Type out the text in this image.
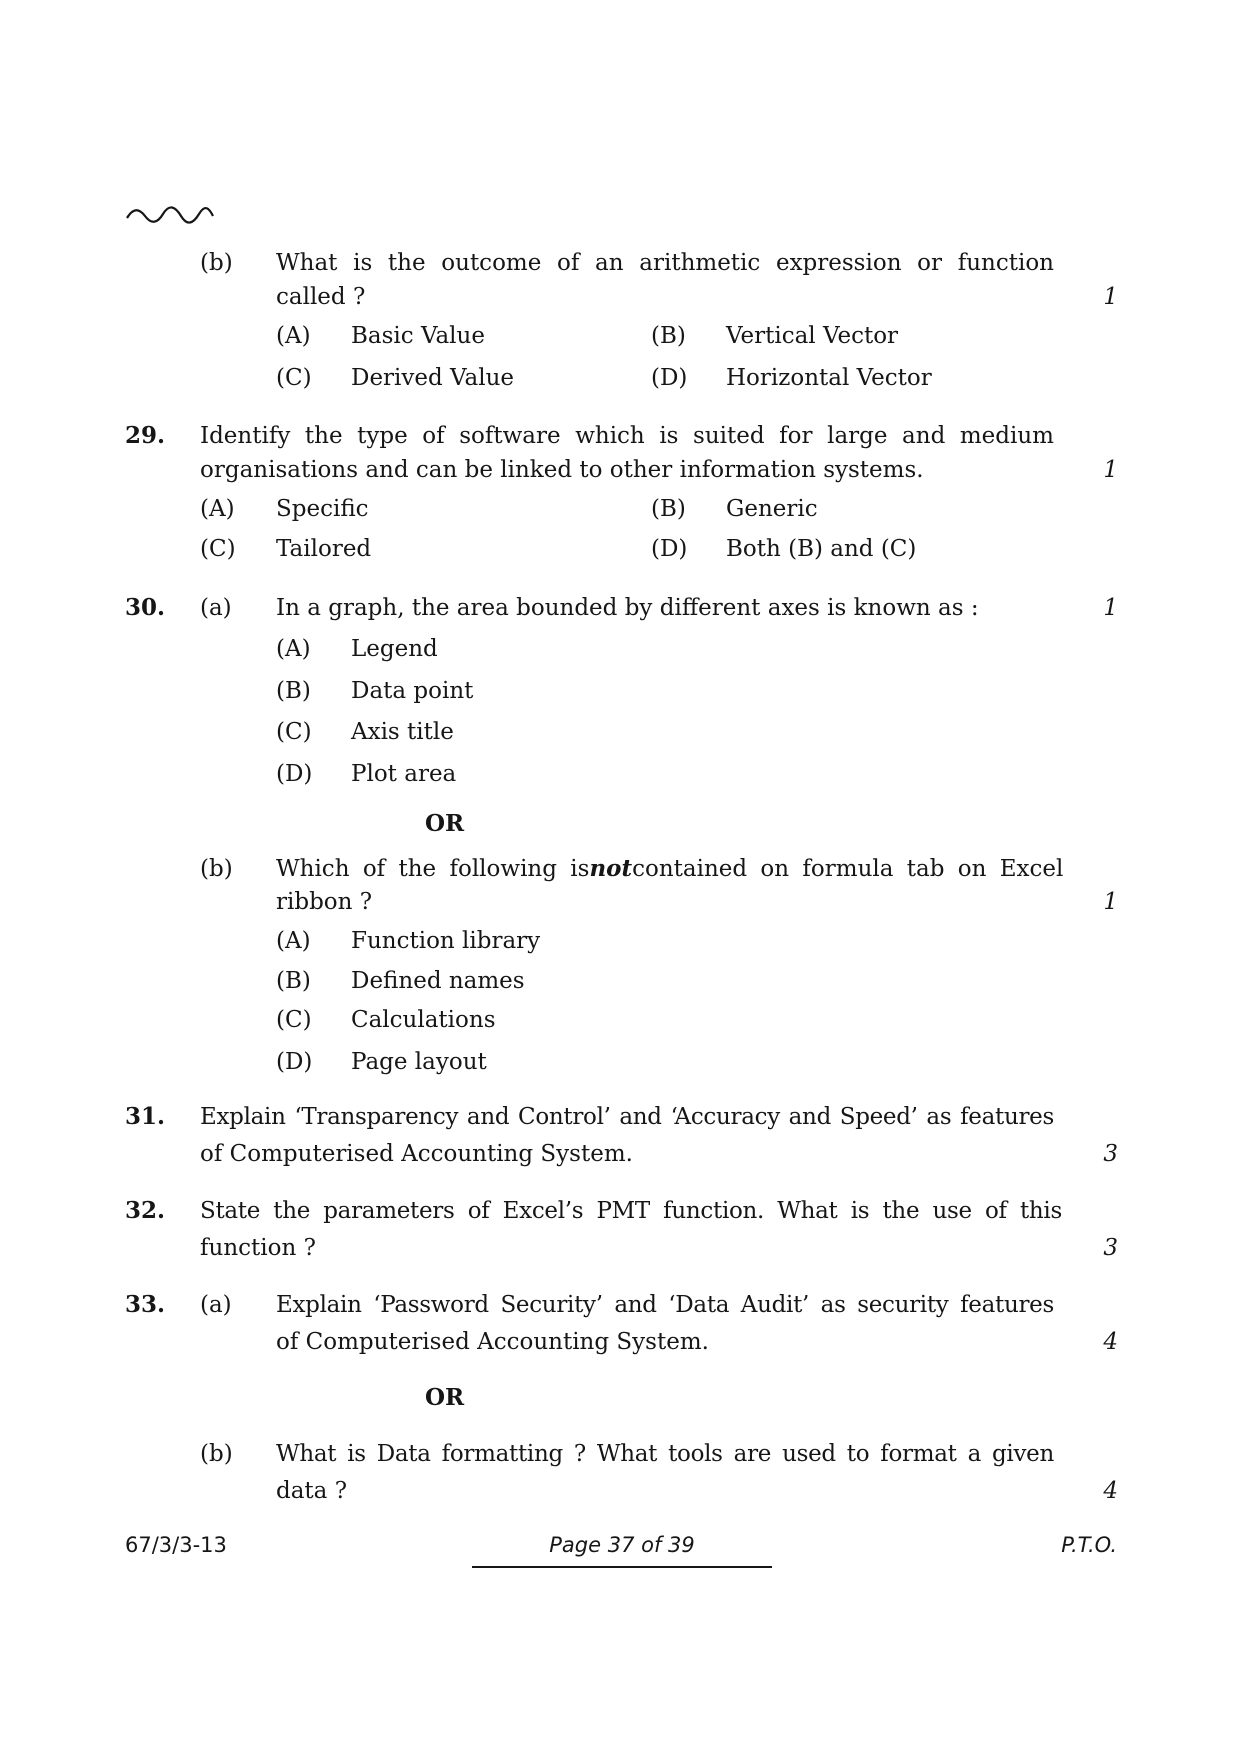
(b) What is the outcome of an arithmetic expression or function
called ?	1
(A) Basic Value	(B) Vertical Vector
(C) Derived Value	(D) Horizontal Vector
29. Identify the type of software which is suited for large and medium
organisations and can be linked to other information systems.	1
(A) Specific	(B) Generic
(C) Tailored	(D) Both (B) and (C)
30. (a) In a graph, the area bounded by different axes is known as :	1
(A) Legend
(B) Data point
(C) Axis title
(D) Plot area
OR
(b) Which of the following is not contained on formula tab on Excel
ribbon ?	1
(A) Function library
(B) Defined names
(C) Calculations
(D) Page layout
31. Explain ‘Transparency and Control’ and ‘Accuracy and Speed’ as features
of Computerised Accounting System.	3
32. State the parameters of Excel’s PMT function. What is the use of this
function ?	3
33. (a) Explain ‘Password Security’ and ‘Data Audit’ as security features
of Computerised Accounting System.	4
OR
(b) What is Data formatting ? What tools are used to format a given
data ?	4
67/3/3-13	Page 37 of 39	P.T.O.
